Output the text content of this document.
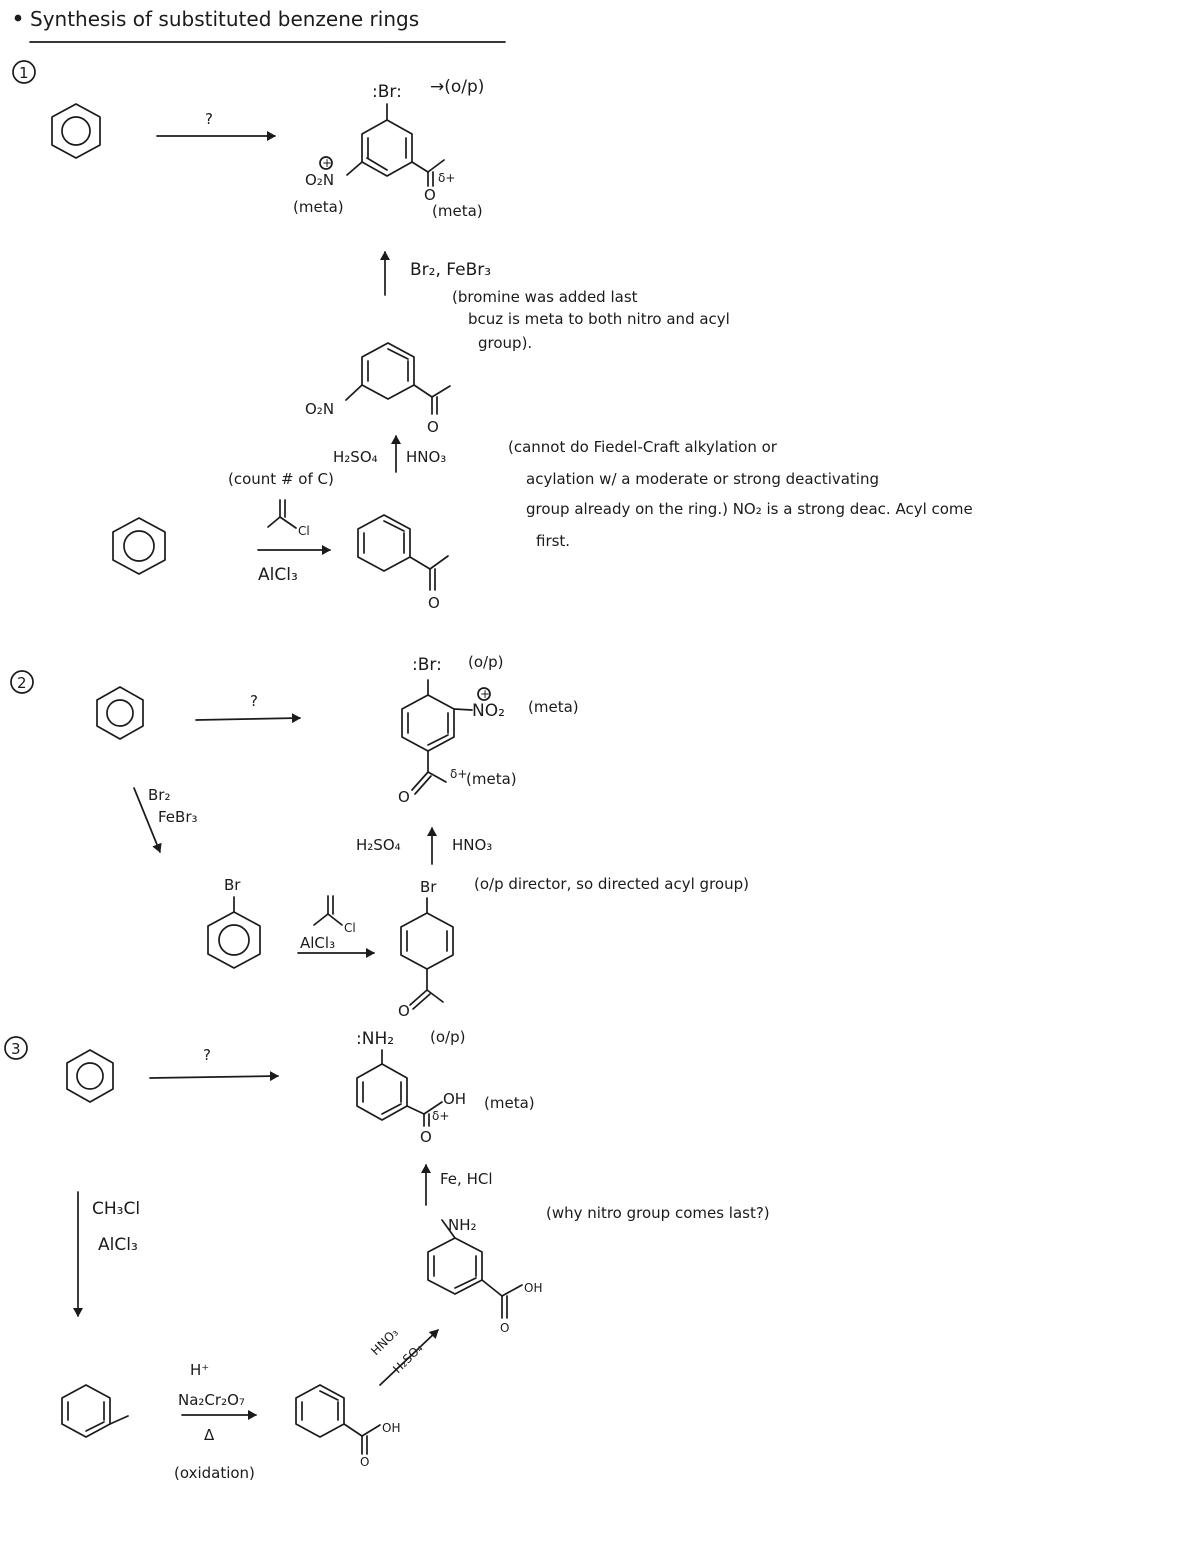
Synthesis of substituted benzene rings
1
?
:Br: →(o/p)
O₂N
+
(meta)
O
δ+
(meta)
Br₂, FeBr₃
(bromine was added last
bcuz is meta to both nitro and acyl
group).
O₂N
O
H₂SO₄ HNO₃
(count # of C)
Cl
AlCl₃
O
(cannot do Fiedel-Craft alkylation or
acylation w/ a moderate or strong deactivating
group already on the ring.) NO₂ is a strong deac. Acyl come
first.
2
?
:Br: (o/p)
+
NO₂ (meta)
δ+
(meta)
O
Br₂
FeBr₃
Br
Cl
AlCl₃
Br	(o/p director, so directed acyl group)
O
H₂SO₄	HNO₃
3	?
:NH₂ (o/p)
OH
δ+
(meta)
O
Fe, HCl
(why nitro group comes last?)
NH₂
OH
O
HNO₃
H₂SO₄
CH₃Cl
AlCl₃
H⁺
Na₂Cr₂O₇
Δ
(oxidation)
OH
O
